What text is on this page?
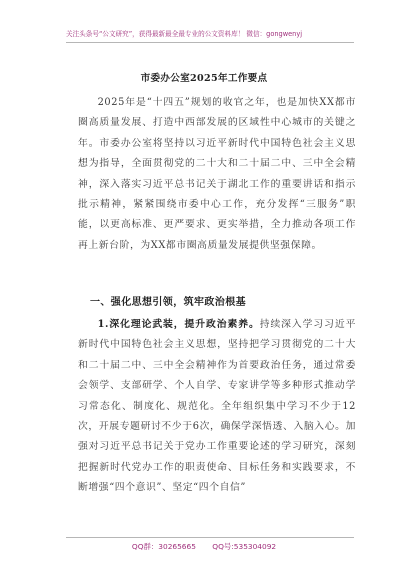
关注头条号“公文研究”，获得最新最全最专业的公文资料库！ 微信：gongwenyj
市委办公室2025年工作要点

2025年是“十四五”规划的收官之年，也是加快XX都市圈高质量发展、打造中西部发展的区域性中心城市的关键之年。市委办公室将坚持以习近平新时代中国特色社会主义思想为指导，全面贯彻党的二十大和二十届二中、三中全会精神，深入落实习近平总书记关于湖北工作的重要讲话和指示批示精神，紧紧围绕市委中心工作，充分发挥“三服务”职能，以更高标准、更严要求、更实举措，全力推动各项工作再上新台阶，为XX都市圈高质量发展提供坚强保障。

一、强化思想引领，筑牢政治根基

1.深化理论武装，提升政治素养。持续深入学习习近平新时代中国特色社会主义思想，坚持把学习贯彻党的二十大和二十届二中、三中全会精神作为首要政治任务，通过常委会领学、支部研学、个人自学、专家讲学等多种形式推动学习常态化、制度化、规范化。全年组织集中学习不少于12次，开展专题研讨不少于6次，确保学深悟透、入脑入心。加强对习近平总书记关于党办工作重要论述的学习研究，深刻把握新时代党办工作的职责使命、目标任务和实践要求，不断增强“四个意识”、坚定“四个自信”

QQ群：30265665 QQ号:535304092
